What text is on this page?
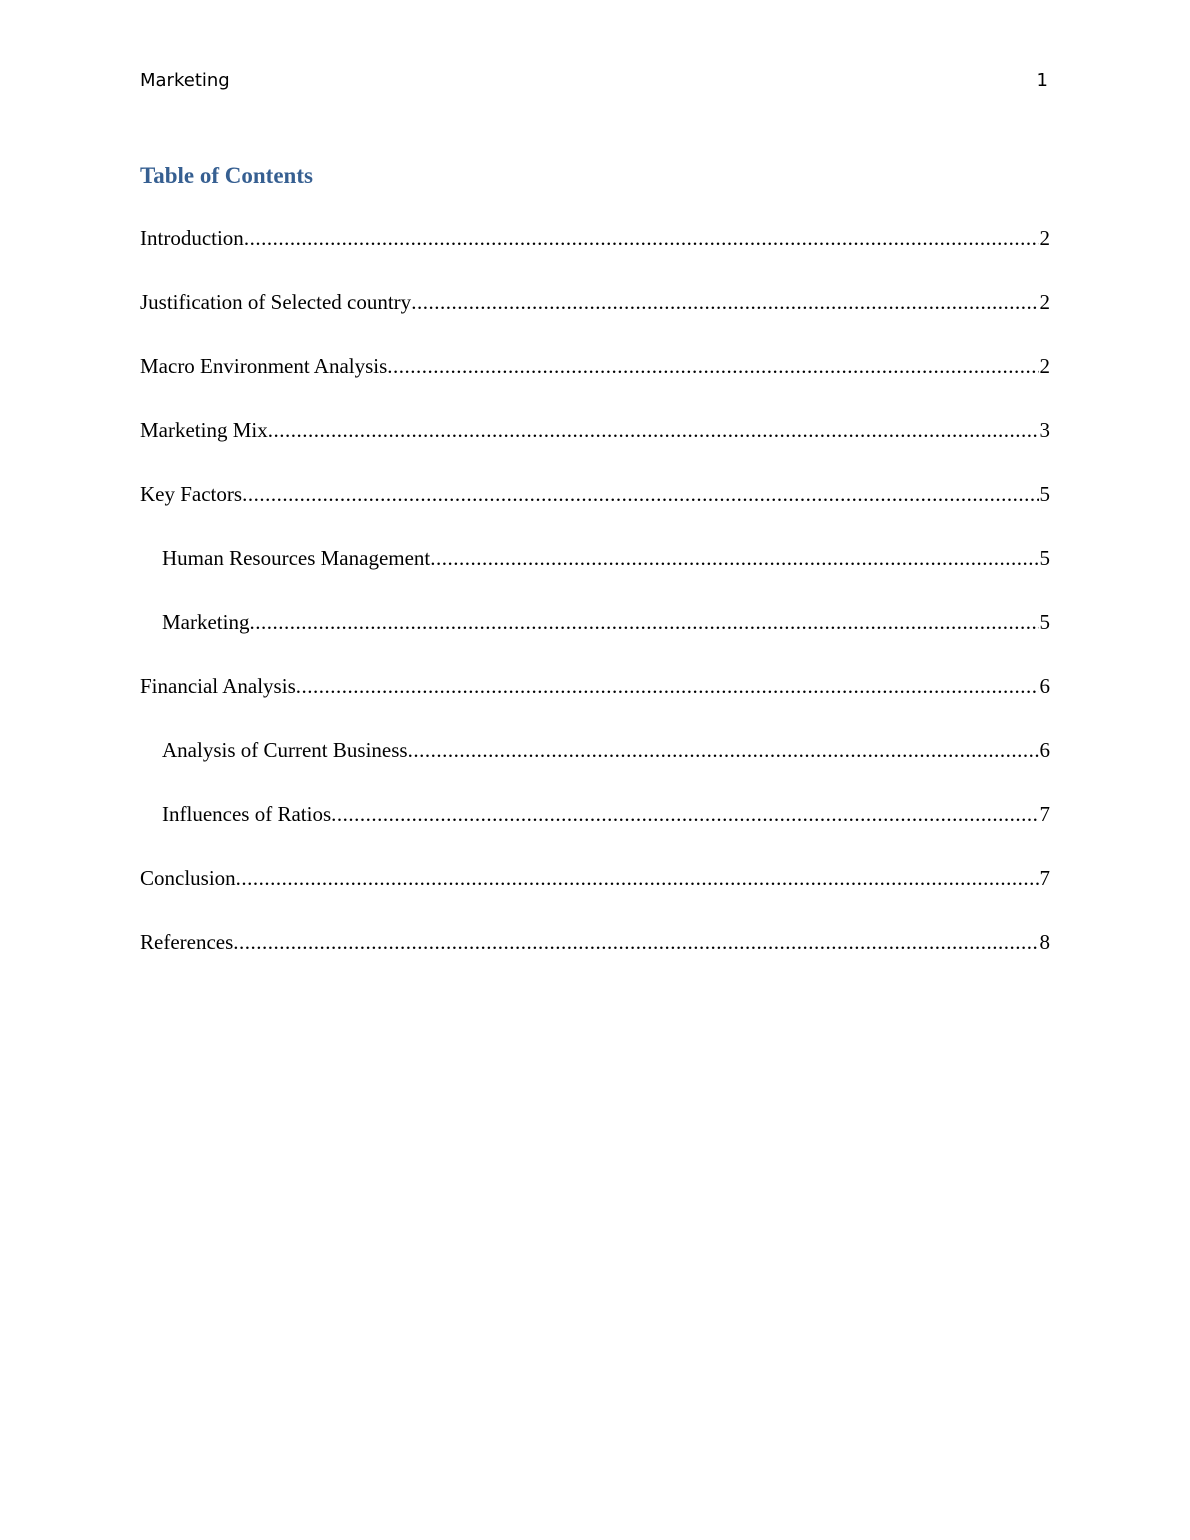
Marketing	1
Table of Contents
Introduction .....	2
Justification of Selected country .....	2
Macro Environment Analysis .....	2
Marketing Mix .....	3
Key Factors .....	5
Human Resources Management .....	5
Marketing .....	5
Financial Analysis .....	6
Analysis of Current Business .....	6
Influences of Ratios .....	7
Conclusion .....	7
References .....	8
